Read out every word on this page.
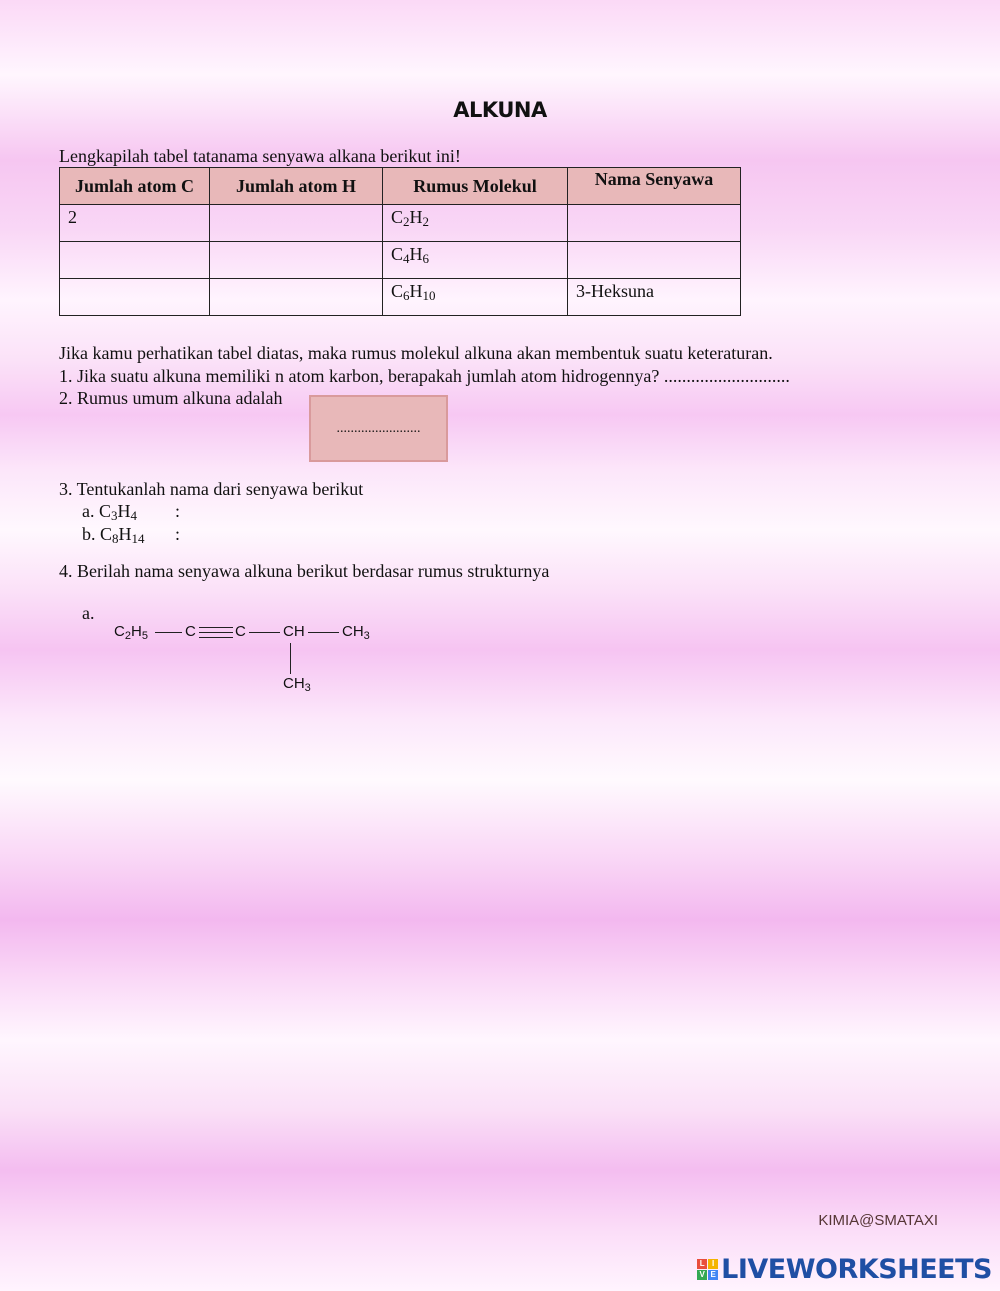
ALKUNA
Lengkapilah tabel tatanama senyawa alkana berikut ini!
Jumlah atom C	Jumlah atom H	Rumus Molekul	Nama Senyawa
2		$C_2H_2$	
		$C_4H_6$	
		$C_6H_{10}$	3-Heksuna
Jika kamu perhatikan tabel diatas, maka rumus molekul alkuna akan membentuk suatu keteraturan.
1. Jika suatu alkuna memiliki n atom karbon, berapakah jumlah atom hidrogennya? ............................
2. Rumus umum alkuna adalah
........................
3. Tentukanlah nama dari senyawa berikut
a. $C_3H_4$ :
b. $C_8H_{14}$ :
4. Berilah nama senyawa alkuna berikut berdasar rumus strukturnya
a.
$C_2H_5$ C	C CH $CH_3$
$CH_3$
KIMIA@SMATAXI
L I
V E LIVEWORKSHEETS
